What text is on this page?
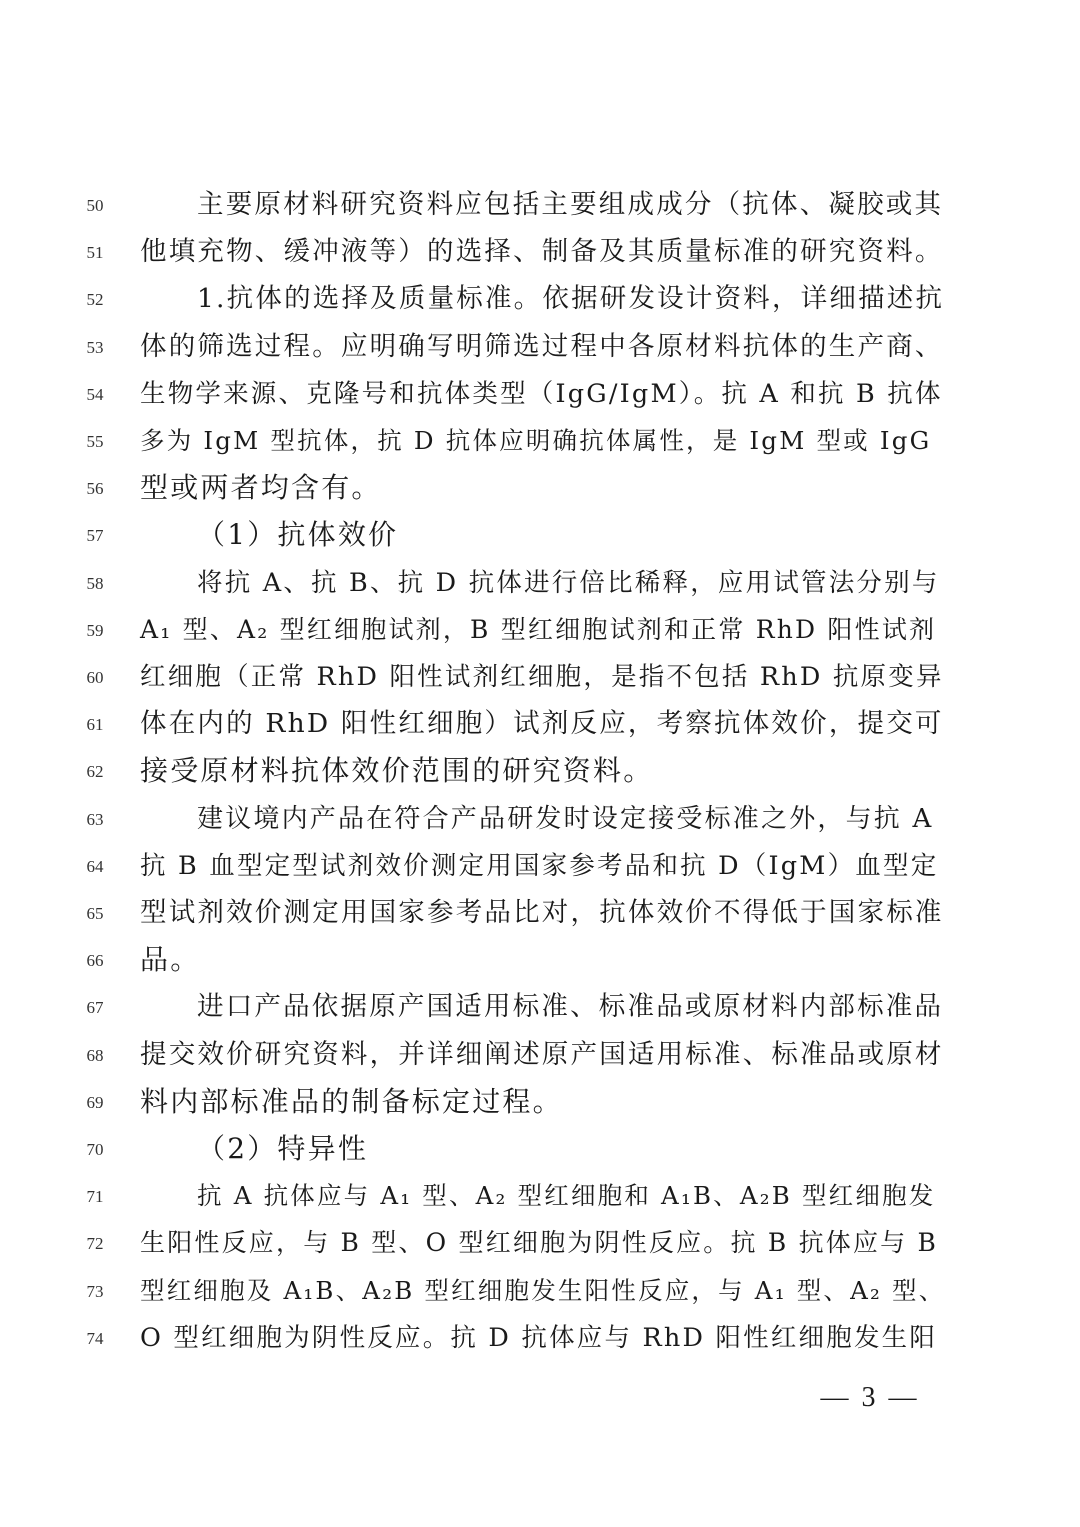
50	主要原材料研究资料应包括主要组成成分（抗体、凝胶或其
51	他填充物、缓冲液等）的选择、制备及其质量标准的研究资料。
52	1.抗体的选择及质量标准。依据研发设计资料，详细描述抗
53	体的筛选过程。应明确写明筛选过程中各原材料抗体的生产商、
54	生物学来源、克隆号和抗体类型（IgG/IgM）。抗 A 和抗 B 抗体
55	多为 IgM 型抗体，抗 D 抗体应明确抗体属性，是 IgM 型或 IgG
56	型或两者均含有。
57	（1）抗体效价
58	将抗 A、抗 B、抗 D 抗体进行倍比稀释，应用试管法分别与
59	A₁ 型、A₂ 型红细胞试剂，B 型红细胞试剂和正常 RhD 阳性试剂
60	红细胞（正常 RhD 阳性试剂红细胞，是指不包括 RhD 抗原变异
61	体在内的 RhD 阳性红细胞）试剂反应，考察抗体效价，提交可
62	接受原材料抗体效价范围的研究资料。
63	建议境内产品在符合产品研发时设定接受标准之外，与抗 A
64	抗 B 血型定型试剂效价测定用国家参考品和抗 D（IgM）血型定
65	型试剂效价测定用国家参考品比对，抗体效价不得低于国家标准
66	品。
67	进口产品依据原产国适用标准、标准品或原材料内部标准品
68	提交效价研究资料，并详细阐述原产国适用标准、标准品或原材
69	料内部标准品的制备标定过程。
70	（2）特异性
71	抗 A 抗体应与 A₁ 型、A₂ 型红细胞和 A₁B、A₂B 型红细胞发
72	生阳性反应，与 B 型、O 型红细胞为阴性反应。抗 B 抗体应与 B
73	型红细胞及 A₁B、A₂B 型红细胞发生阳性反应，与 A₁ 型、A₂ 型、
74	O 型红细胞为阴性反应。抗 D 抗体应与 RhD 阳性红细胞发生阳
— 3 —
